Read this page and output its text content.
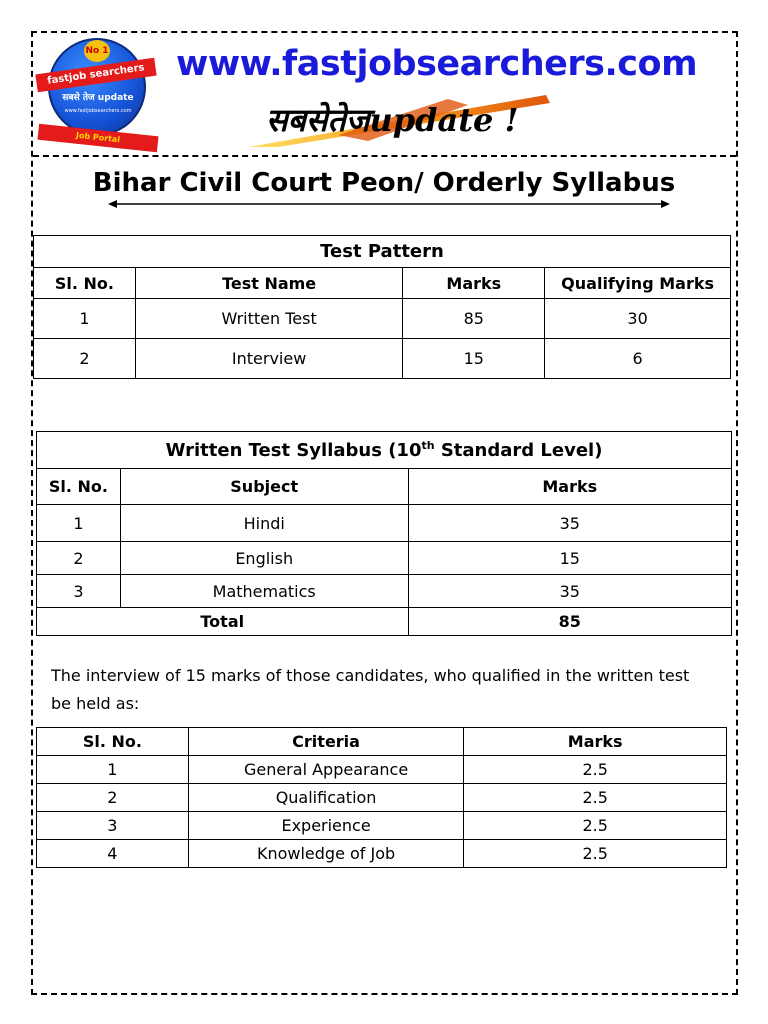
No 1
fastjob searchers
सबसे तेज update
www.fastjobsearchers.com
Job Portal
www.fastjobsearchers.com
सबसेतेजupdate !
Bihar Civil Court Peon/ Orderly Syllabus
Test Pattern			
Sl. No.	Test Name	Marks	Qualifying Marks
1	Written Test	85	30
2	Interview	15	6
Written Test Syllabus (10th Standard Level)		
Sl. No.	Subject	Marks
1	Hindi	35
2	English	15
3	Mathematics	35
Total		85

The interview of 15 marks of those candidates, who qualified in the written test be held as:

Sl. No.	Criteria	Marks
1	General Appearance	2.5
2	Qualification	2.5
3	Experience	2.5
4	Knowledge of Job	2.5
